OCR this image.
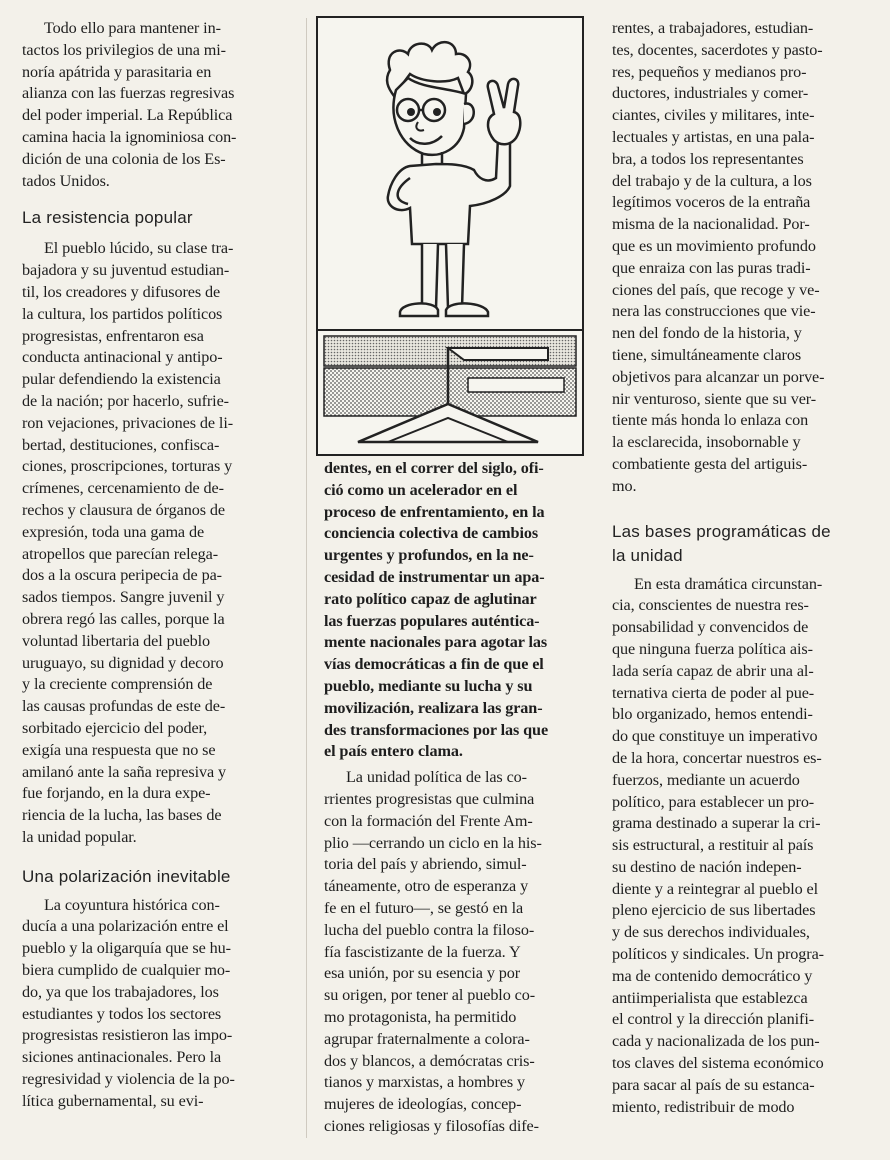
Todo ello para mantener in-
tactos los privilegios de una mi-
noría apátrida y parasitaria en
alianza con las fuerzas regresivas
del poder imperial. La República
camina hacia la ignominiosa con-
dición de una colonia de los Es-
tados Unidos.
La resistencia popular
El pueblo lúcido, su clase tra-
bajadora y su juventud estudian-
til, los creadores y difusores de
la cultura, los partidos políticos
progresistas, enfrentaron esa
conducta antinacional y antipo-
pular defendiendo la existencia
de la nación; por hacerlo, sufrie-
ron vejaciones, privaciones de li-
bertad, destituciones, confisca-
ciones, proscripciones, torturas y
crímenes, cercenamiento de de-
rechos y clausura de órganos de
expresión, toda una gama de
atropellos que parecían relega-
dos a la oscura peripecia de pa-
sados tiempos. Sangre juvenil y
obrera regó las calles, porque la
voluntad libertaria del pueblo
uruguayo, su dignidad y decoro
y la creciente comprensión de
las causas profundas de este de-
sorbitado ejercicio del poder,
exigía una respuesta que no se
amilanó ante la saña represiva y
fue forjando, en la dura expe-
riencia de la lucha, las bases de
la unidad popular.
Una polarización inevitable
La coyuntura histórica con-
ducía a una polarización entre el
pueblo y la oligarquía que se hu-
biera cumplido de cualquier mo-
do, ya que los trabajadores, los
estudiantes y todos los sectores
progresistas resistieron las impo-
siciones antinacionales. Pero la
regresividad y violencia de la po-
lítica gubernamental, su evi-
dentes, en el correr del siglo, ofi-
ció como un acelerador en el
proceso de enfrentamiento, en la
conciencia colectiva de cambios
urgentes y profundos, en la ne-
cesidad de instrumentar un apa-
rato político capaz de aglutinar
las fuerzas populares auténtica-
mente nacionales para agotar las
vías democráticas a fin de que el
pueblo, mediante su lucha y su
movilización, realizara las gran-
des transformaciones por las que
el país entero clama.
La unidad política de las co-
rrientes progresistas que culmina
con la formación del Frente Am-
plio —cerrando un ciclo en la his-
toria del país y abriendo, simul-
táneamente, otro de esperanza y
fe en el futuro—, se gestó en la
lucha del pueblo contra la filoso-
fía fascistizante de la fuerza. Y
esa unión, por su esencia y por
su origen, por tener al pueblo co-
mo protagonista, ha permitido
agrupar fraternalmente a colora-
dos y blancos, a demócratas cris-
tianos y marxistas, a hombres y
mujeres de ideologías, concep-
ciones religiosas y filosofías dife-
rentes, a trabajadores, estudian-
tes, docentes, sacerdotes y pasto-
res, pequeños y medianos pro-
ductores, industriales y comer-
ciantes, civiles y militares, inte-
lectuales y artistas, en una pala-
bra, a todos los representantes
del trabajo y de la cultura, a los
legítimos voceros de la entraña
misma de la nacionalidad. Por-
que es un movimiento profundo
que enraiza con las puras tradi-
ciones del país, que recoge y ve-
nera las construcciones que vie-
nen del fondo de la historia, y
tiene, simultáneamente claros
objetivos para alcanzar un porve-
nir venturoso, siente que su ver-
tiente más honda lo enlaza con
la esclarecida, insobornable y
combatiente gesta del artiguis-
mo.
Las bases programáticas de la unidad
En esta dramática circunstan-
cia, conscientes de nuestra res-
ponsabilidad y convencidos de
que ninguna fuerza política ais-
lada sería capaz de abrir una al-
ternativa cierta de poder al pue-
blo organizado, hemos entendi-
do que constituye un imperativo
de la hora, concertar nuestros es-
fuerzos, mediante un acuerdo
político, para establecer un pro-
grama destinado a superar la cri-
sis estructural, a restituir al país
su destino de nación indepen-
diente y a reintegrar al pueblo el
pleno ejercicio de sus libertades
y de sus derechos individuales,
políticos y sindicales. Un progra-
ma de contenido democrático y
antiimperialista que establezca
el control y la dirección planifi-
cada y nacionalizada de los pun-
tos claves del sistema económico
para sacar al país de su estanca-
miento, redistribuir de modo
